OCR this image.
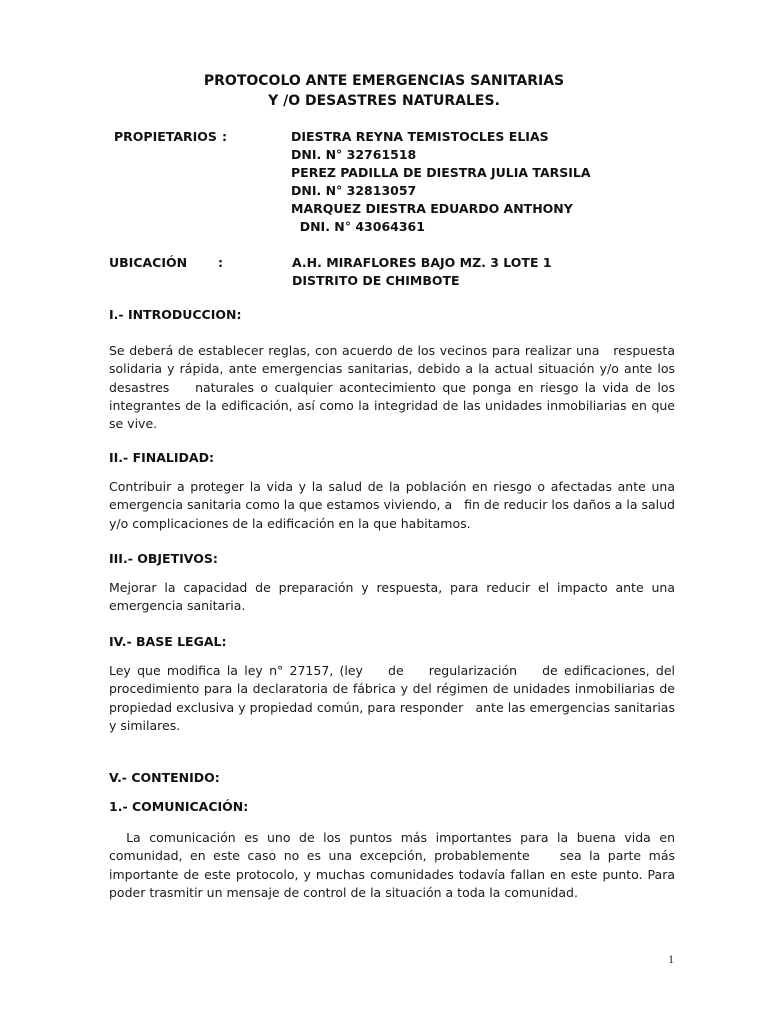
PROTOCOLO ANTE EMERGENCIAS SANITARIAS
Y /O DESASTRES NATURALES.
PROPIETARIOS :	DIESTRA REYNA TEMISTOCLES ELIAS
DNI. N° 32761518
PEREZ PADILLA DE DIESTRA JULIA TARSILA
DNI. N° 32813057
MARQUEZ DIESTRA EDUARDO ANTHONY
DNI. N° 43064361
UBICACIÓN :	A.H. MIRAFLORES BAJO MZ. 3 LOTE 1
DISTRITO DE CHIMBOTE
I.- INTRODUCCION:
Se deberá de establecer reglas, con acuerdo de los vecinos para realizar una   respuesta solidaria y rápida, ante emergencias sanitarias, debido a la actual situación y/o ante los desastres    naturales o cualquier acontecimiento que ponga en riesgo la vida de los integrantes de la edificación, así como la integridad de las unidades inmobiliarias en que se vive.
II.- FINALIDAD:
Contribuir a proteger la vida y la salud de la población en riesgo o afectadas ante una emergencia sanitaria como la que estamos viviendo, a   fin de reducir los daños a la salud y/o complicaciones de la edificación en la que habitamos.
III.- OBJETIVOS:
Mejorar la capacidad de preparación y respuesta, para reducir el impacto ante una emergencia sanitaria.
IV.- BASE LEGAL:
Ley que modifica la ley n° 27157, (ley    de    regularización    de edificaciones, del procedimiento para la declaratoria de fábrica y del régimen de unidades inmobiliarias de propiedad exclusiva y propiedad común, para responder   ante las emergencias sanitarias y similares.
V.- CONTENIDO:
1.- COMUNICACIÓN:
La comunicación es uno de los puntos más importantes para la buena vida en comunidad, en este caso no es una excepción, probablemente    sea la parte más importante de este protocolo, y muchas comunidades todavía fallan en este punto. Para poder trasmitir un mensaje de control de la situación a toda la comunidad.
1
